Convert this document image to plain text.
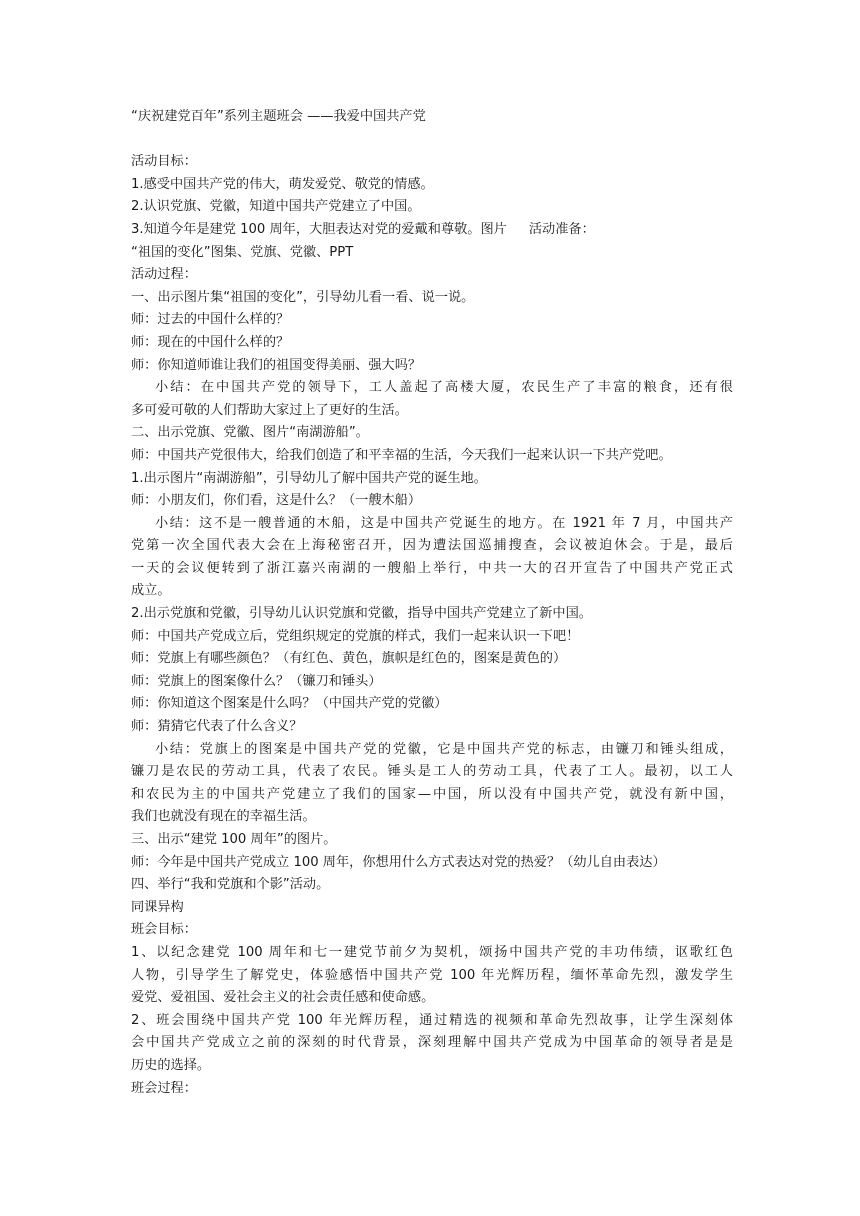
“庆祝建党百年”系列主题班会 ——我爱中国共产党
活动目标：
1.感受中国共产党的伟大，萌发爱党、敬党的情感。
2.认识党旗、党徽，知道中国共产党建立了中国。
3.知道今年是建党 100 周年，大胆表达对党的爱戴和尊敬。图片 活动准备：
“祖国的变化”图集、党旗、党徽、PPT
活动过程：
一、出示图片集“祖国的变化”，引导幼儿看一看、说一说。
师：过去的中国什么样的？
师：现在的中国什么样的？
师：你知道师谁让我们的祖国变得美丽、强大吗？
小结：在中国共产党的领导下，工人盖起了高楼大厦，农民生产了丰富的粮食，还有很
多可爱可敬的人们帮助大家过上了更好的生活。
二、出示党旗、党徽、图片“南湖游船”。
师：中国共产党很伟大，给我们创造了和平幸福的生活，今天我们一起来认识一下共产党吧。
1.出示图片“南湖游船”，引导幼儿了解中国共产党的诞生地。
师：小朋友们，你们看，这是什么？（一艘木船）
小结：这不是一艘普通的木船，这是中国共产党诞生的地方。在 1921 年 7 月，中国共产
党第一次全国代表大会在上海秘密召开，因为遭法国巡捕搜查，会议被迫休会。于是，最后
一天的会议便转到了浙江嘉兴南湖的一艘船上举行，中共一大的召开宣告了中国共产党正式
成立。
2.出示党旗和党徽，引导幼儿认识党旗和党徽，指导中国共产党建立了新中国。
师：中国共产党成立后，党组织规定的党旗的样式，我们一起来认识一下吧！
师：党旗上有哪些颜色？（有红色、黄色，旗帜是红色的，图案是黄色的）
师：党旗上的图案像什么？（镰刀和锤头）
师：你知道这个图案是什么吗？（中国共产党的党徽）
师：猜猜它代表了什么含义？
小结：党旗上的图案是中国共产党的党徽，它是中国共产党的标志，由镰刀和锤头组成，
镰刀是农民的劳动工具，代表了农民。锤头是工人的劳动工具，代表了工人。最初，以工人
和农民为主的中国共产党建立了我们的国家—中国，所以没有中国共产党，就没有新中国，
我们也就没有现在的幸福生活。
三、出示“建党 100 周年”的图片。
师：今年是中国共产党成立 100 周年，你想用什么方式表达对党的热爱？（幼儿自由表达）
四、举行“我和党旗和个影”活动。
同课异构
班会目标：
1、以纪念建党 100 周年和七一建党节前夕为契机，颂扬中国共产党的丰功伟绩，讴歌红色
人物，引导学生了解党史，体验感悟中国共产党 100 年光辉历程，缅怀革命先烈，激发学生
爱党、爱祖国、爱社会主义的社会责任感和使命感。
2、班会围绕中国共产党 100 年光辉历程，通过精选的视频和革命先烈故事，让学生深刻体
会中国共产党成立之前的深刻的时代背景，深刻理解中国共产党成为中国革命的领导者是是
历史的选择。
班会过程：
